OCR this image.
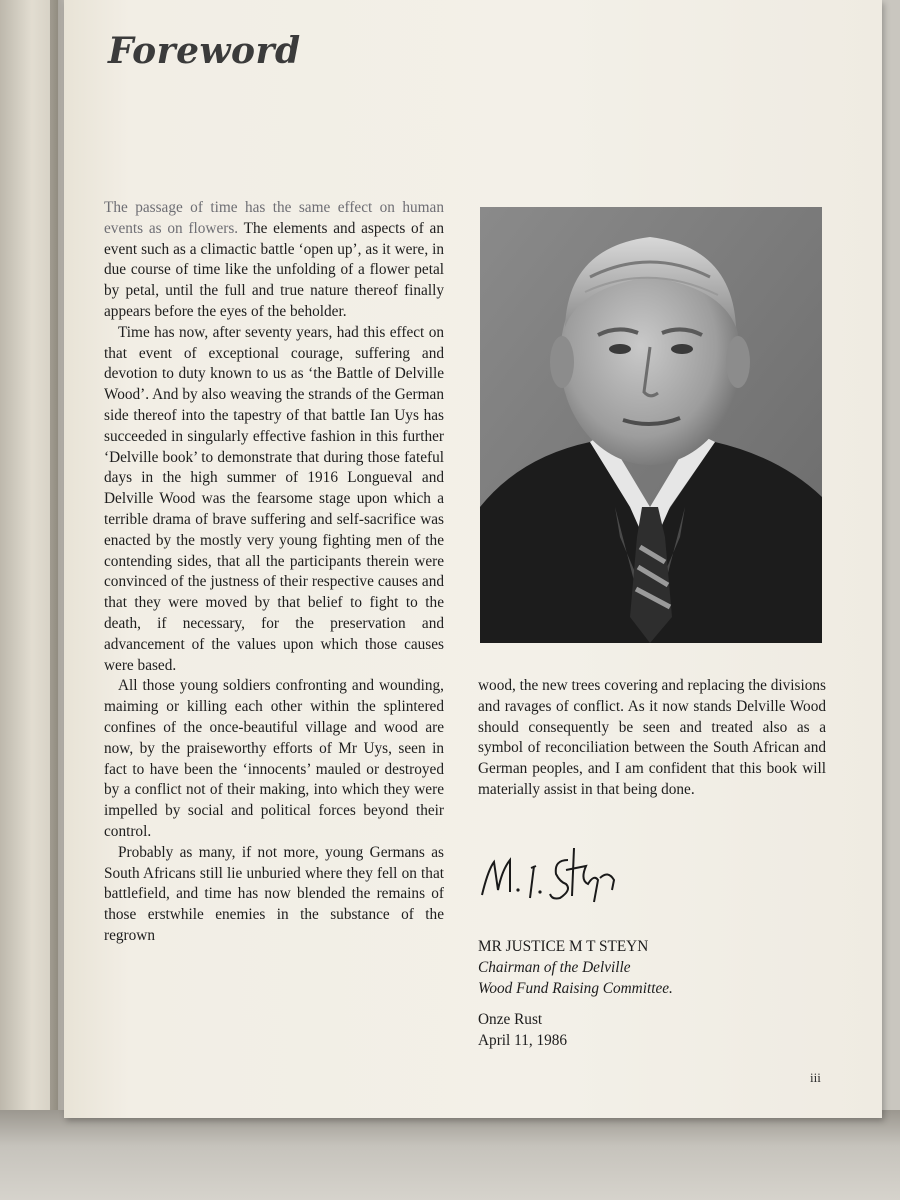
Foreword

The passage of time has the same effect on human events as on flowers. The elements and aspects of an event such as a climactic battle ‘open up’, as it were, in due course of time like the unfolding of a flower petal by petal, until the full and true nature thereof finally appears before the eyes of the beholder.

Time has now, after seventy years, had this effect on that event of exceptional courage, suffering and devotion to duty known to us as ‘the Battle of Delville Wood’. And by also weaving the strands of the German side thereof into the tapestry of that battle Ian Uys has succeeded in singularly effective fashion in this further ‘Delville book’ to demonstrate that during those fateful days in the high summer of 1916 Longueval and Delville Wood was the fearsome stage upon which a terrible drama of brave suffering and self-sacrifice was enacted by the mostly very young fighting men of the contending sides, that all the participants therein were convinced of the justness of their respective causes and that they were moved by that belief to fight to the death, if necessary, for the preservation and advancement of the values upon which those causes were based.

All those young soldiers confronting and wounding, maiming or killing each other within the splintered confines of the once-beautiful village and wood are now, by the praiseworthy efforts of Mr Uys, seen in fact to have been the ‘innocents’ mauled or destroyed by a conflict not of their making, into which they were impelled by social and political forces beyond their control.

Probably as many, if not more, young Germans as South Africans still lie unburied where they fell on that battlefield, and time has now blended the remains of those erstwhile enemies in the substance of the regrown

wood, the new trees covering and replacing the divisions and ravages of conflict. As it now stands Delville Wood should consequently be seen and treated also as a symbol of reconciliation between the South African and German peoples, and I am confident that this book will materially assist in that being done.

MR JUSTICE M T STEYN
Chairman of the Delville
Wood Fund Raising Committee.
Onze Rust
April 11, 1986
iii
